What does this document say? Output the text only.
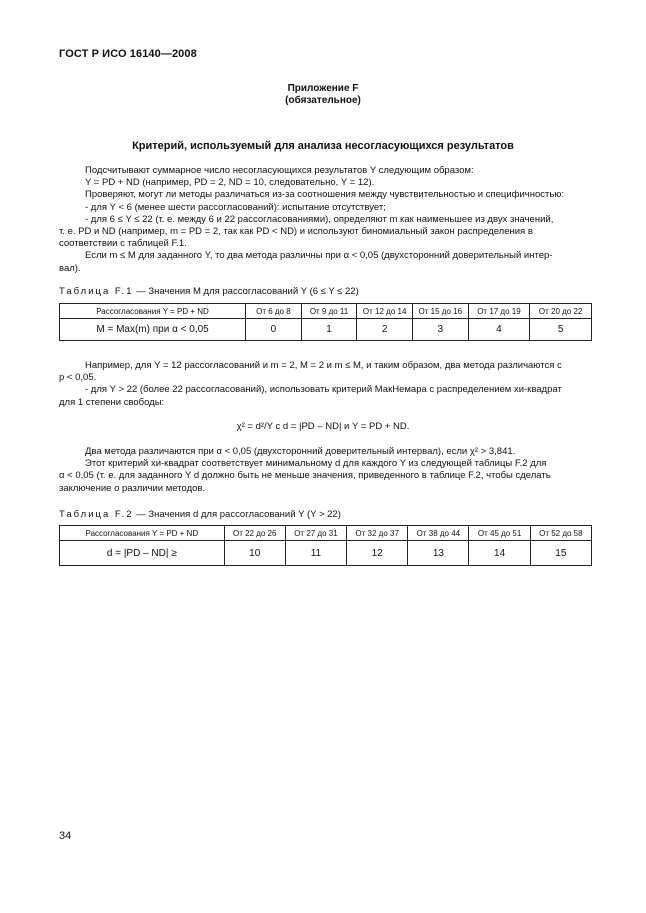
ГОСТ Р ИСО 16140—2008
Приложение F
(обязательное)
Критерий, используемый для анализа несогласующихся результатов
Подсчитывают суммарное число несогласующихся результатов Y следующим образом:
Y = PD + ND (например, PD = 2, ND = 10, следовательно, Y = 12).
Проверяют, могут ли методы различаться из-за соотношения между чувствительностью и специфичностью:
- для Y < 6 (менее шести рассогласований): испытание отсутствует;
- для 6 ≤ Y ≤ 22 (т. е. между 6 и 22 рассогласованиями), определяют m как наименьшее из двух значений,
т. е. PD и ND (например, m = PD = 2, так как PD < ND) и используют биномиальный закон распределения в
соответствии с таблицей F.1.
Если m ≤ M для заданного Y, то два метода различны при α < 0,05 (двухсторонний доверительный интер-
вал).
Таблица F.1 — Значения M для рассогласований Y (6 ≤ Y ≤ 22)
Рассогласования Y = PD + ND	От 6 до 8	От 9 до 11	От 12 до 14	От 15 до 16	От 17 до 19	От 20 до 22
M = Max(m) при α < 0,05	0	1	2	3	4	5
Например, для Y = 12 рассогласований и m = 2, M = 2 и m ≤ M, и таким образом, два метода различаются с
p < 0,05.
- для Y > 22 (более 22 рассогласований), использовать критерий МакНемара с распределением хи-квадрат
для 1 степени свободы:
χ² = d²/Y с d = |PD – ND| и Y = PD + ND.
Два метода различаются при α < 0,05 (двухсторонний доверительный интервал), если χ² > 3,841.
Этот критерий хи-квадрат соответствует минимальному d для каждого Y из следующей таблицы F.2 для
α < 0,05 (т. е. для заданного Y d должно быть не меньше значения, приведенного в таблице F.2, чтобы сделать
заключение о различии методов.
Таблица F.2 — Значения d для рассогласований Y (Y > 22)
Рассогласования Y = PD + ND	От 22 до 26	От 27 до 31	От 32 до 37	От 38 до 44	От 45 до 51	От 52 до 58
d = |PD – ND| ≥	10	11	12	13	14	15
34
